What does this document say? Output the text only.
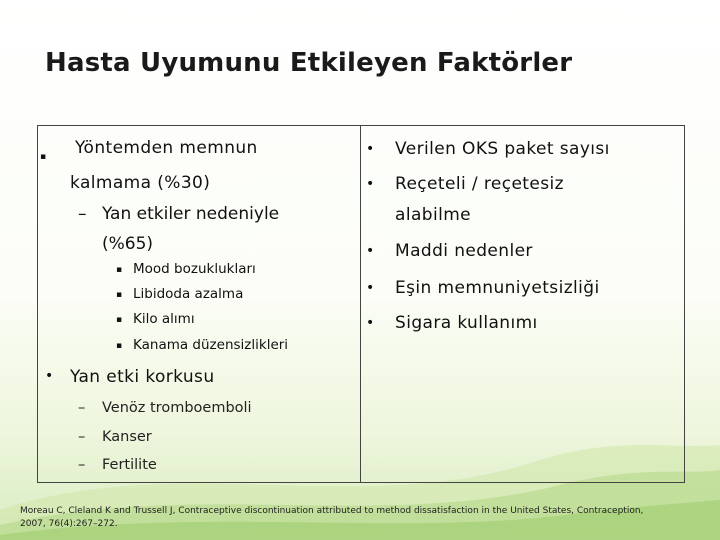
Hasta Uyumunu Etkileyen Faktörler
▪ Yöntemden memnun
kalmama (%30)
– Yan etkiler nedeniyle
(%65)
▪ Mood bozuklukları
▪ Libidoda azalma
▪ Kilo alımı
▪ Kanama düzensizlikleri
• Yan etki korkusu
– Venöz tromboemboli
– Kanser
– Fertilite
• Verilen OKS paket sayısı
• Reçeteli / reçetesiz
alabilme
• Maddi nedenler
• Eşin memnuniyetsizliği
• Sigara kullanımı
Moreau C, Cleland K and Trussell J, Contraceptive discontinuation attributed to method dissatisfaction in the United States, Contraception,
2007, 76(4):267–272.
